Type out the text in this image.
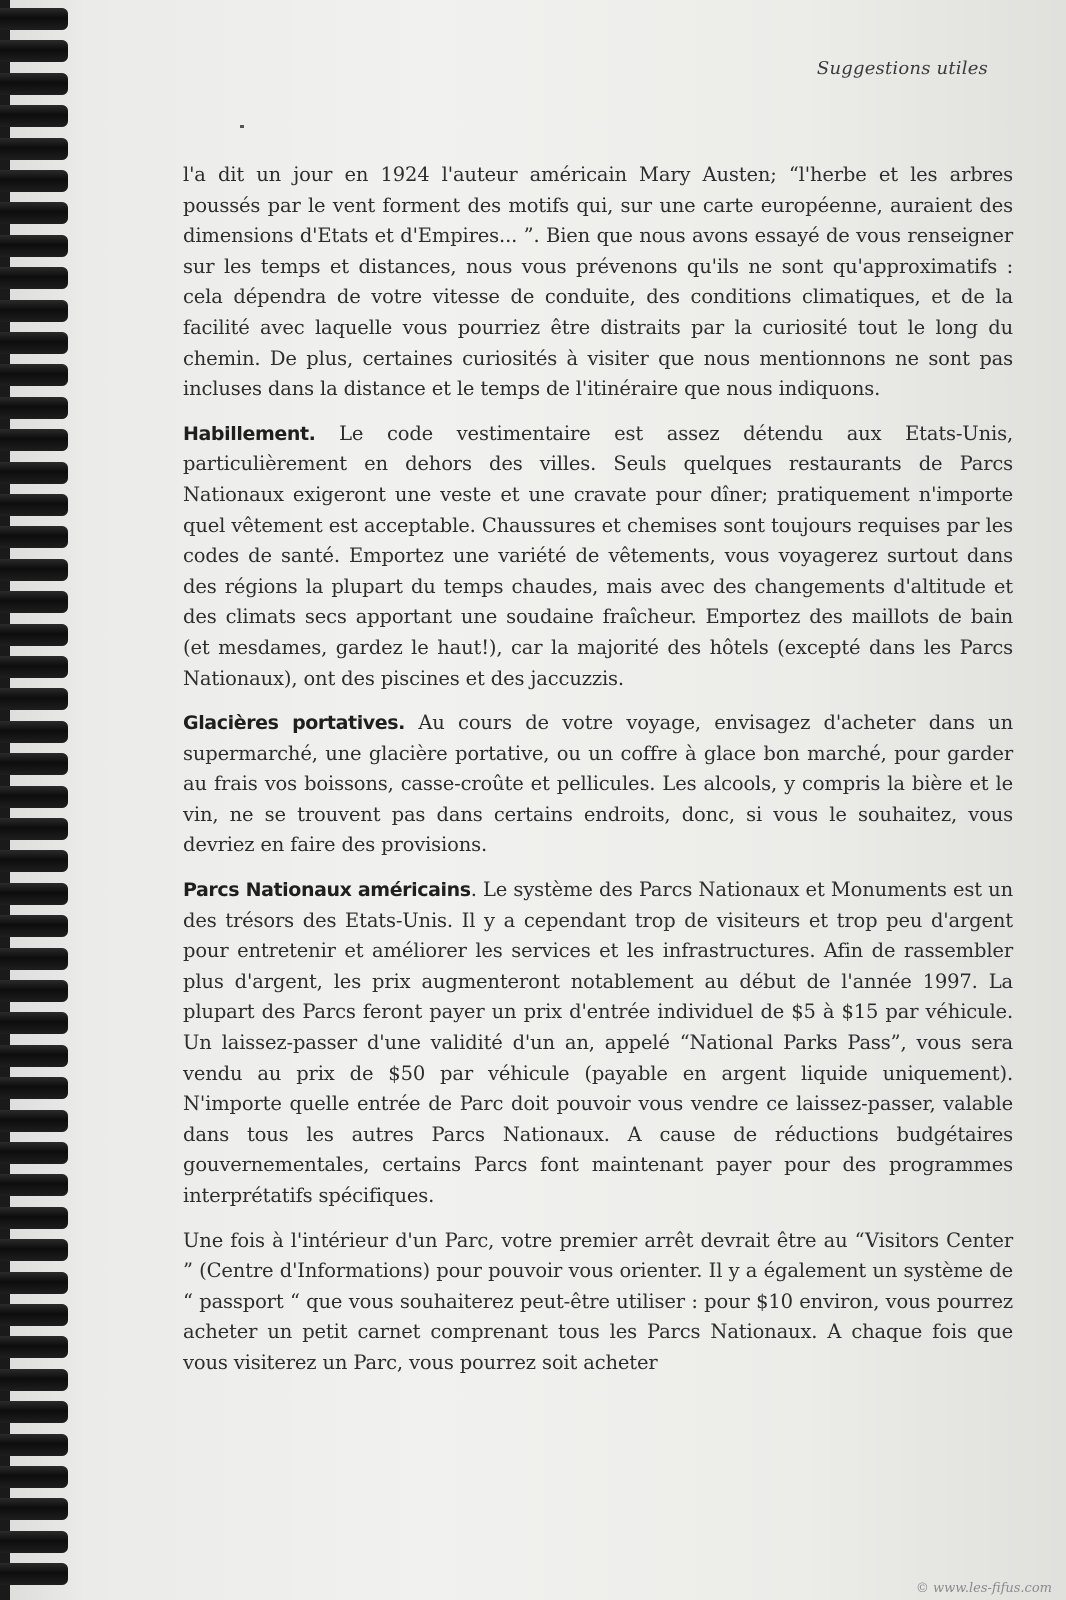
Suggestions utiles

l'a dit un jour en 1924 l'auteur américain Mary Austen; “l'herbe et les arbres poussés par le vent forment des motifs qui, sur une carte européenne, auraient des dimensions d'Etats et d'Empires... ”. Bien que nous avons essayé de vous renseigner sur les temps et distances, nous vous prévenons qu'ils ne sont qu'approximatifs : cela dépendra de votre vitesse de conduite, des conditions climatiques, et de la facilité avec laquelle vous pourriez être distraits par la curiosité tout le long du chemin. De plus, certaines curiosités à visiter que nous mentionnons ne sont pas incluses dans la distance et le temps de l'itinéraire que nous indiquons.

Habillement. Le code vestimentaire est assez détendu aux Etats-Unis, particulièrement en dehors des villes. Seuls quelques restaurants de Parcs Nationaux exigeront une veste et une cravate pour dîner; pratiquement n'importe quel vêtement est acceptable. Chaussures et chemises sont toujours requises par les codes de santé. Emportez une variété de vêtements, vous voyagerez surtout dans des régions la plupart du temps chaudes, mais avec des changements d'altitude et des climats secs apportant une soudaine fraîcheur. Emportez des maillots de bain (et mesdames, gardez le haut!), car la majorité des hôtels (excepté dans les Parcs Nationaux), ont des piscines et des jaccuzzis.

Glacières portatives. Au cours de votre voyage, envisagez d'acheter dans un supermarché, une glacière portative, ou un coffre à glace bon marché, pour garder au frais vos boissons, casse-croûte et pellicules. Les alcools, y compris la bière et le vin, ne se trouvent pas dans certains endroits, donc, si vous le souhaitez, vous devriez en faire des provisions.

Parcs Nationaux américains. Le système des Parcs Nationaux et Monuments est un des trésors des Etats-Unis. Il y a cependant trop de visiteurs et trop peu d'argent pour entretenir et améliorer les services et les infrastructures. Afin de rassembler plus d'argent, les prix augmenteront notablement au début de l'année 1997. La plupart des Parcs feront payer un prix d'entrée individuel de $5 à $15 par véhicule. Un laissez-passer d'une validité d'un an, appelé “National Parks Pass”, vous sera vendu au prix de $50 par véhicule (payable en argent liquide uniquement). N'importe quelle entrée de Parc doit pouvoir vous vendre ce laissez-passer, valable dans tous les autres Parcs Nationaux. A cause de réductions budgétaires gouvernementales, certains Parcs font maintenant payer pour des programmes interprétatifs spécifiques.

Une fois à l'intérieur d'un Parc, votre premier arrêt devrait être au “Visitors Center ” (Centre d'Informations) pour pouvoir vous orienter. Il y a également un système de “ passport “ que vous souhaiterez peut-être utiliser : pour $10 environ, vous pourrez acheter un petit carnet comprenant tous les Parcs Nationaux. A chaque fois que vous visiterez un Parc, vous pourrez soit acheter

© www.les-fifus.com
